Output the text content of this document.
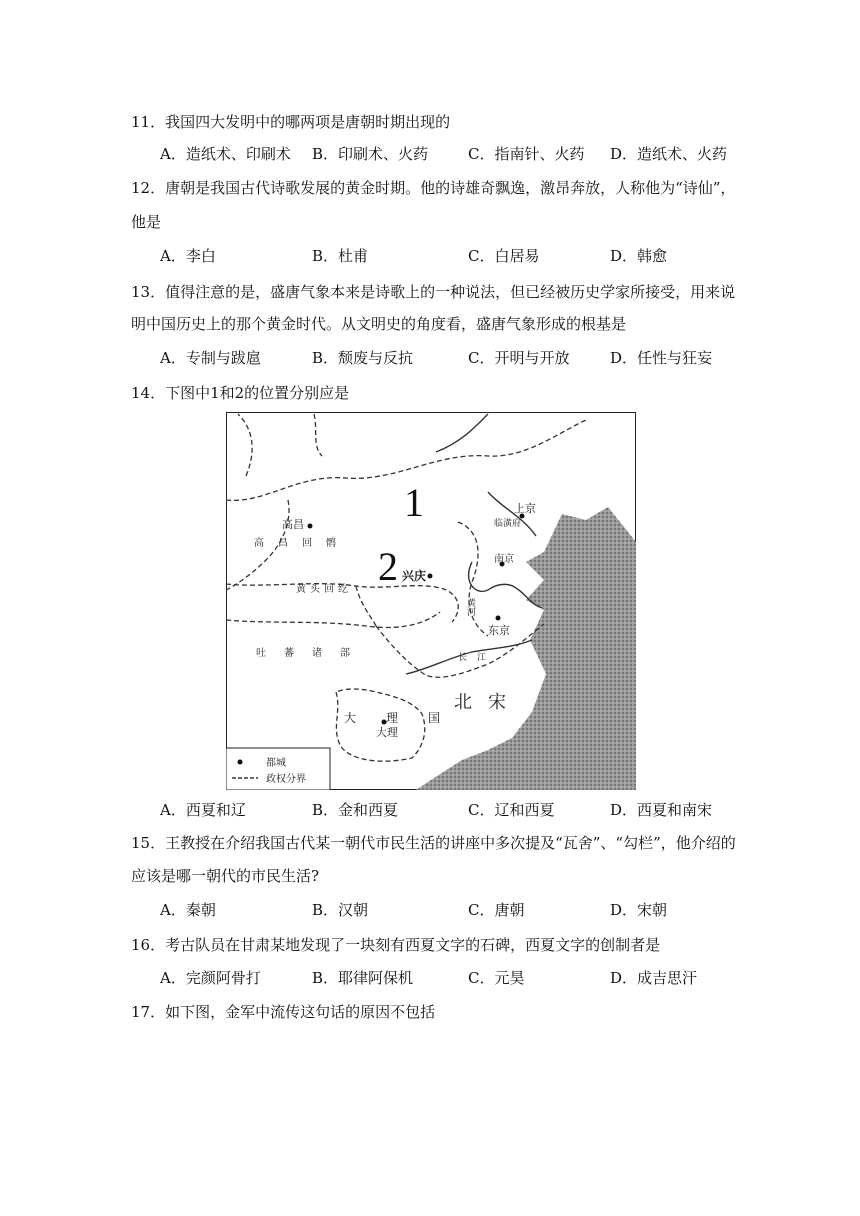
11．我国四大发明中的哪两项是唐朝时期出现的
A．造纸术、印刷术 B．印刷术、火药	C．指南针、火药 D．造纸术、火药
12．唐朝是我国古代诗歌发展的黄金时期。他的诗雄奇飘逸，激昂奔放，人称他为“诗仙”，
他是
A．李白	B．杜甫	C．白居易	D．韩愈
13．值得注意的是，盛唐气象本来是诗歌上的一种说法，但已经被历史学家所接受，用来说
明中国历史上的那个黄金时代。从文明史的角度看，盛唐气象形成的根基是
A．专制与跋扈	B．颓废与反抗	C．开明与开放	D．任性与狂妄
14．下图中1和2的位置分别应是
1
2
上京
临潢府
南京
兴庆
东京
高昌
大理
北宋
高昌回鹘
黄头回纥
吐蕃诸部
大理国
黄河
长江
都城
政权分界
A．西夏和辽	B．金和西夏	C．辽和西夏	D．西夏和南宋
15．王教授在介绍我国古代某一朝代市民生活的讲座中多次提及“瓦舍”、“勾栏”，他介绍的
应该是哪一朝代的市民生活?
A．秦朝	B．汉朝	C．唐朝	D．宋朝
16．考古队员在甘肃某地发现了一块刻有西夏文字的石碑，西夏文字的创制者是
A．完颜阿骨打	B．耶律阿保机	C．元昊	D．成吉思汗
17．如下图，金军中流传这句话的原因不包括
